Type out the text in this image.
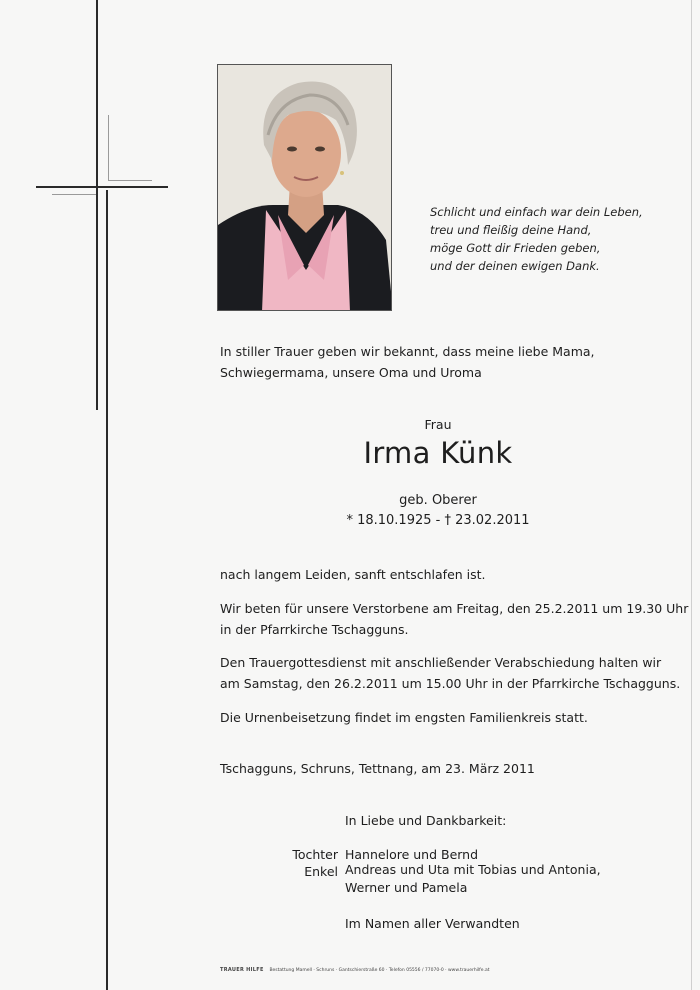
Schlicht und einfach war dein Leben,
treu und fleißig deine Hand,
möge Gott dir Frieden geben,
und der deinen ewigen Dank.
In stiller Trauer geben wir bekannt, dass meine liebe Mama,
Schwiegermama, unsere Oma und Uroma
Frau
Irma Künk
geb. Oberer
* 18.10.1925 - † 23.02.2011
nach langem Leiden, sanft entschlafen ist.
Wir beten für unsere Verstorbene am Freitag, den 25.2.2011 um 19.30 Uhr
in der Pfarrkirche Tschagguns.
Den Trauergottesdienst mit anschließender Verabschiedung halten wir
am Samstag, den 26.2.2011 um 15.00 Uhr in der Pfarrkirche Tschagguns.
Die Urnenbeisetzung findet im engsten Familienkreis statt.
Tschagguns, Schruns, Tettnang, am 23. März 2011
In Liebe und Dankbarkeit:
Tochter Hannelore und Bernd
Enkel Andreas und Uta mit Tobias und Antonia,
Werner und Pamela
Im Namen aller Verwandten
TRAUER HILFE Bestattung Mamell · Schruns · Gantschierstraße 60 · Telefon 05556 / 77070-0 · www.trauerhilfe.at
